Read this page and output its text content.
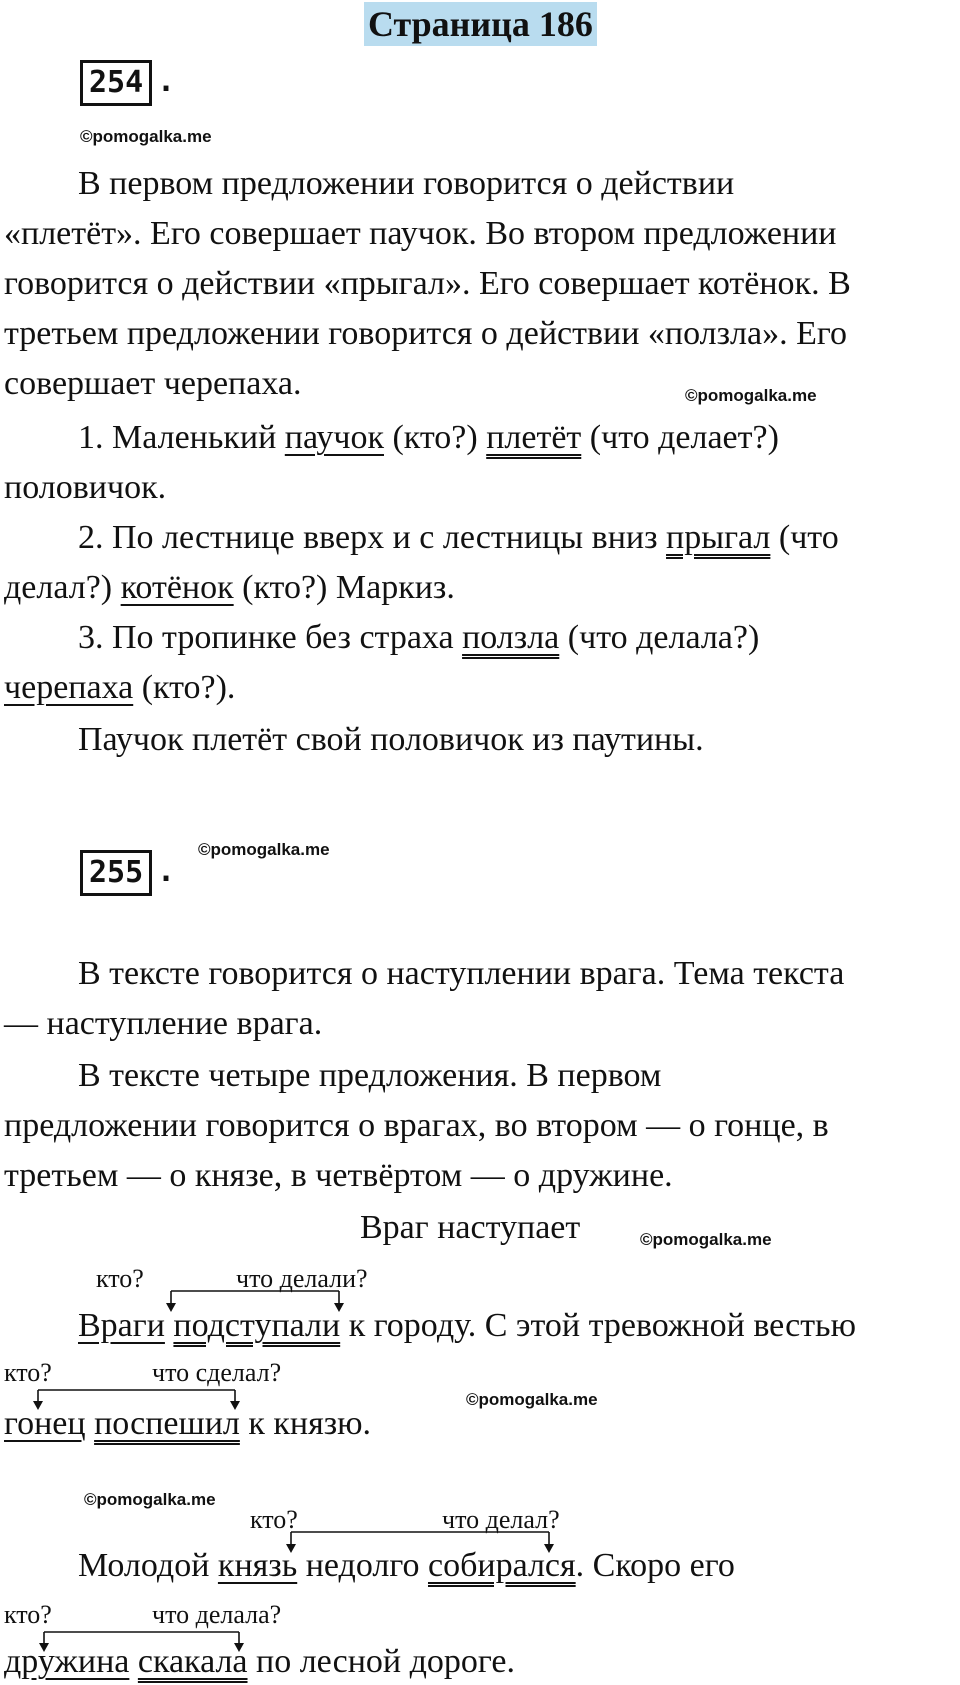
Страница 186
254 .
©pomogalka.me
В первом предложении говорится о действии
«плетёт». Его совершает паучок. Во втором предложении
говорится о действии «прыгал». Его совершает котёнок. В
третьем предложении говорится о действии «ползла». Его
совершает черепаха.	©pomogalka.me
1. Маленький паучок (кто?) плетёт (что делает?)
половичок.
2. По лестнице вверх и с лестницы вниз прыгал (что
делал?) котёнок (кто?) Маркиз.
3. По тропинке без страха ползла (что делала?)
черепаха (кто?).
Паучок плетёт свой половичок из паутины.
255 .
©pomogalka.me
В тексте говорится о наступлении врага. Тема текста
— наступление врага.
В тексте четыре предложения. В первом
предложении говорится о врагах, во втором — о гонце, в
третьем — о князе, в четвёртом — о дружине.
Враг наступает	©pomogalka.me
кто?	что делали?
кто?	что сделал?
кто?	что делал?
кто?	что делала?
Враги подступали к городу. С этой тревожной вестью
гонец поспешил к князю.
©pomogalka.me
©pomogalka.me
Молодой князь недолго собирался. Скоро его
дружина скакала по лесной дороге.
